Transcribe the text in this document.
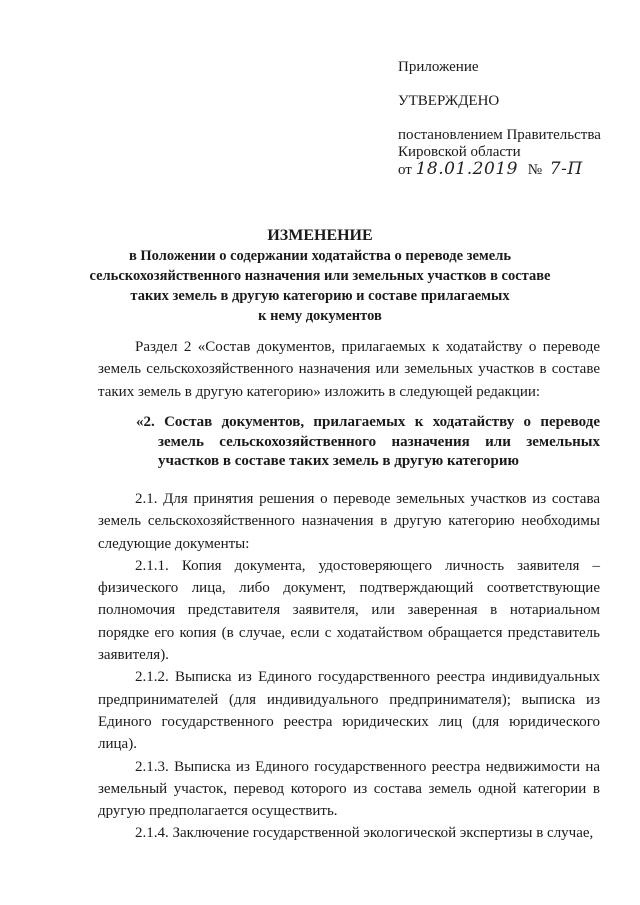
Приложение
УТВЕРЖДЕНО
постановлением Правительства
Кировской области
от 18.01.2019 № 7-П
ИЗМЕНЕНИЕ
в Положении о содержании ходатайства о переводе земель
сельскохозяйственного назначения или земельных участков в составе
таких земель в другую категорию и составе прилагаемых
к нему документов

Раздел 2 «Состав документов, прилагаемых к ходатайству о переводе земель сельскохозяйственного назначения или земельных участков в составе таких земель в другую категорию» изложить в следующей редакции:

«2. Состав документов, прилагаемых к ходатайству о переводе
земель сельскохозяйственного назначения или земельных
участков в составе таких земель в другую категорию

2.1. Для принятия решения о переводе земельных участков из состава земель сельскохозяйственного назначения в другую категорию необходимы следующие документы:

2.1.1. Копия документа, удостоверяющего личность заявителя – физического лица, либо документ, подтверждающий соответствующие полномочия представителя заявителя, или заверенная в нотариальном порядке его копия (в случае, если с ходатайством обращается представитель заявителя).

2.1.2. Выписка из Единого государственного реестра индивидуальных предпринимателей (для индивидуального предпринимателя); выписка из Единого государственного реестра юридических лиц (для юридического лица).

2.1.3. Выписка из Единого государственного реестра недвижимости на земельный участок, перевод которого из состава земель одной категории в другую предполагается осуществить.

2.1.4. Заключение государственной экологической экспертизы в случае,
